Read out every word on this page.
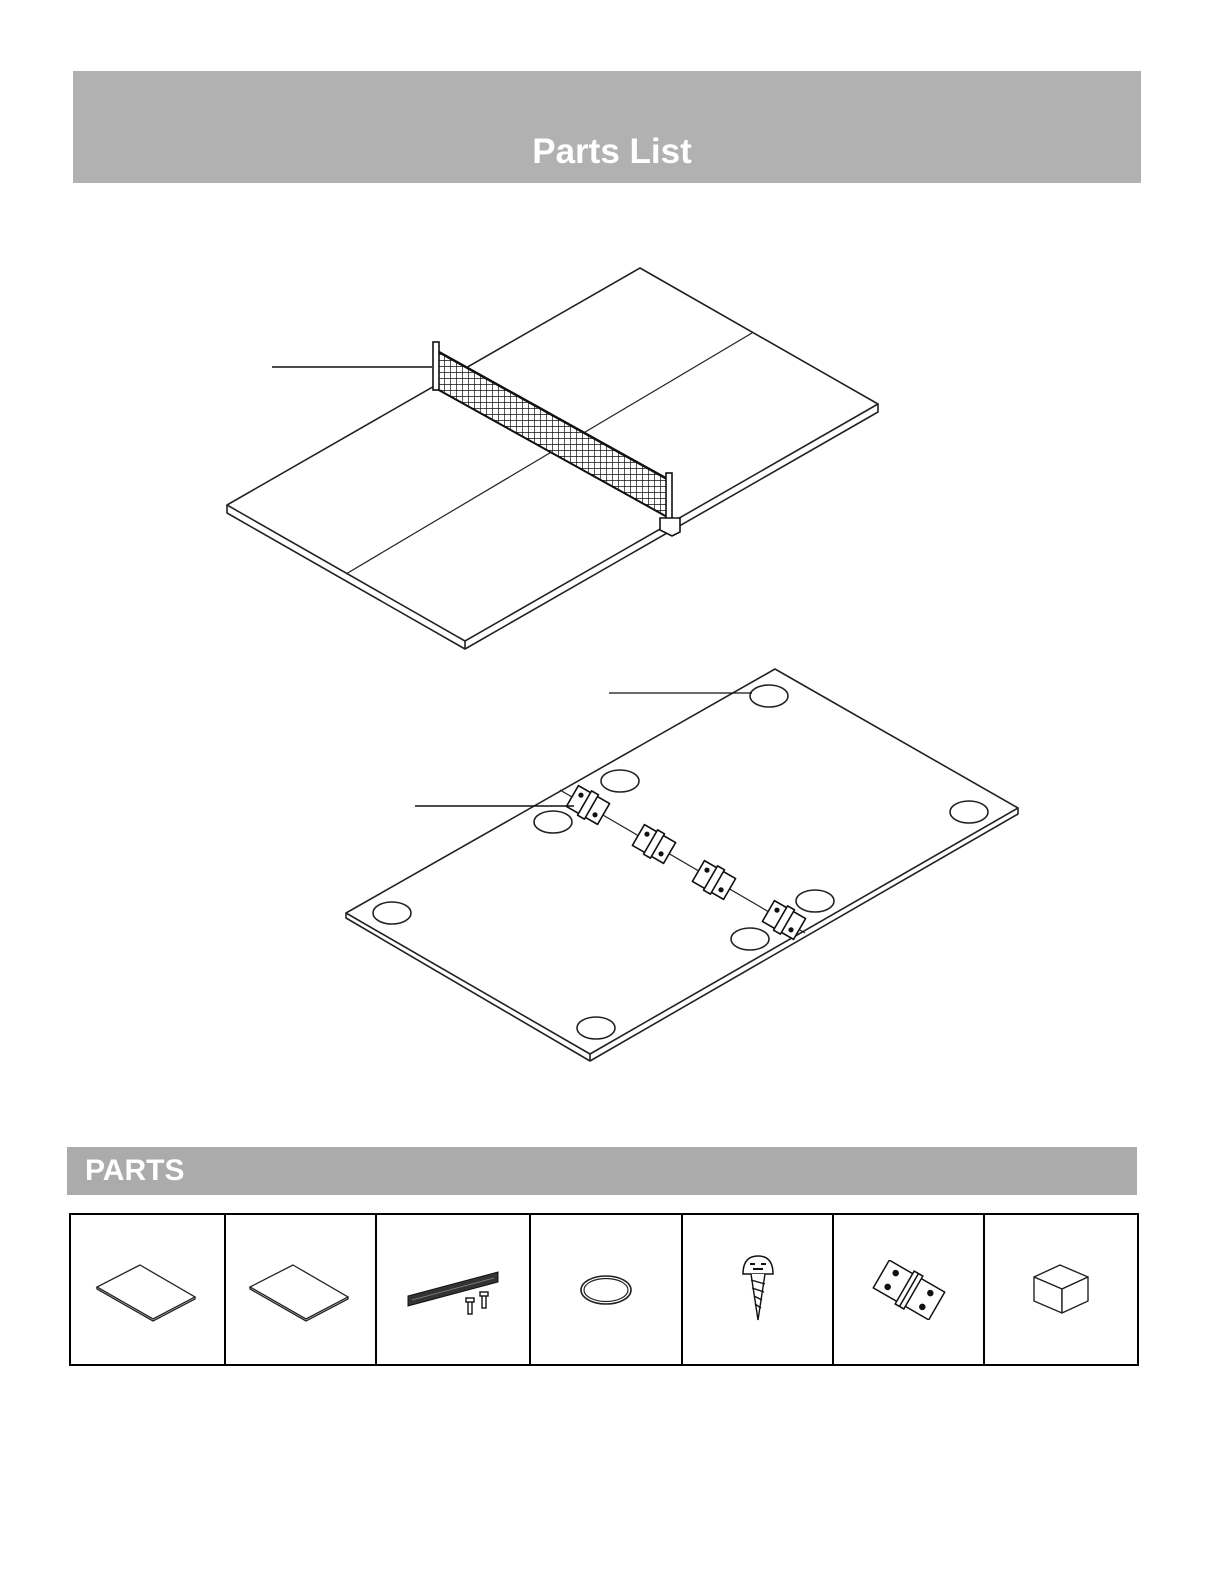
Parts List
PARTS
